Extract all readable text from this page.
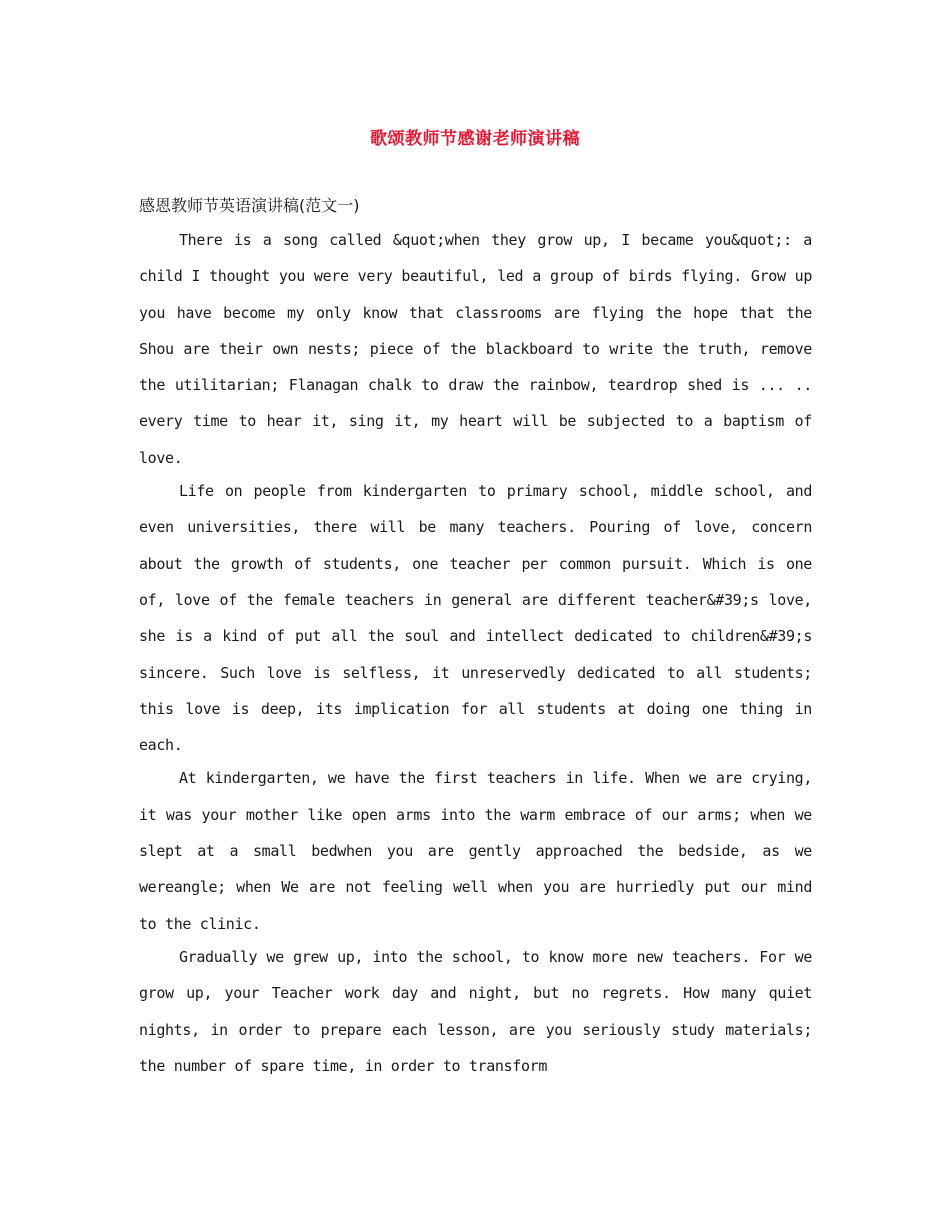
歌颂教师节感谢老师演讲稿

感恩教师节英语演讲稿(范文一)

There is a song called &quot;when they grow up, I became you&quot;: a child I thought you were very beautiful, led a group of birds flying. Grow up you have become my only know that classrooms are flying the hope that the Shou are their own nests; piece of the blackboard to write the truth, remove the utilitarian; Flanagan chalk to draw the rainbow, teardrop shed is ... .. every time to hear it, sing it, my heart will be subjected to a baptism of love.

Life on people from kindergarten to primary school, middle school, and even universities, there will be many teachers. Pouring of love, concern about the growth of students, one teacher per common pursuit. Which is one of, love of the female teachers in general are different teacher&#39;s love, she is a kind of put all the soul and intellect dedicated to children&#39;s sincere. Such love is selfless, it unreservedly dedicated to all students; this love is deep, its implication for all students at doing one thing in each.

At kindergarten, we have the first teachers in life. When we are crying, it was your mother like open arms into the warm embrace of our arms; when we slept at a small bedwhen you are gently approached the bedside, as we wereangle; when We are not feeling well when you are hurriedly put our mind to the clinic.

Gradually we grew up, into the school, to know more new teachers. For we grow up, your Teacher work day and night, but no regrets. How many quiet nights, in order to prepare each lesson, are you seriously study materials; the number of spare time, in order to transform
